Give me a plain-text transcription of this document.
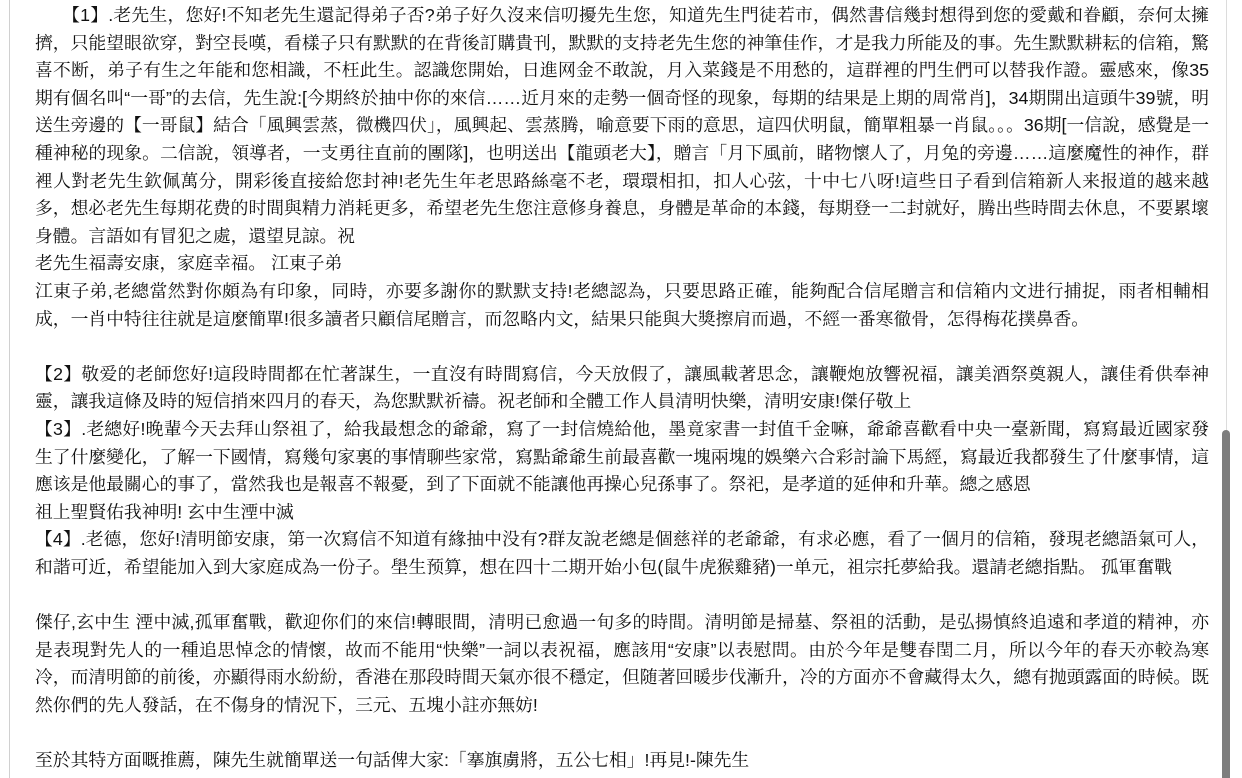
　　【1】.老先生，您好!不知老先生還記得弟子否?弟子好久沒来信叨擾先生您，知道先生門徒若市，偶然書信幾封想得到您的愛戴和眷顧，奈何太擁擠，只能望眼欲穿，對空長嘆，看樣子只有默默的在背後訂購貴刊，默默的支持老先生您的神筆佳作，才是我力所能及的事。先生默默耕耘的信箱，驚喜不断，弟子有生之年能和您相識，不枉此生。認識您開始，日進网金不敢說，月入菜錢是不用愁的，這群裡的門生們可以替我作證。靈感來，像35期有個名叫“一哥”的去信，先生說:[今期終於抽中你的來信……近月來的走勢一個奇怪的现象，每期的结果是上期的周常肖]，34期開出這頭牛39號，明送生旁邊的【一哥鼠】結合「風興雲蒸，微機四伏」，風興起、雲蒸腾，喻意要下雨的意思，這四伏明鼠，簡單粗暴一肖鼠。。。36期[一信說，感覺是一種神秘的现象。二信說，領導者，一支勇往直前的團隊]，也明送出【龍頭老大】，贈言「月下風前，睹物懷人了，月兔的旁邊……這麼魔性的神作，群裡人對老先生欽佩萬分，開彩後直接給您封神!老先生年老思路絲毫不老，環環相扣，扣人心弦，十中七八呀!這些日子看到信箱新人来报道的越来越多，想必老先生每期花费的时間與精力消耗更多，希望老先生您注意修身養息，身體是革命的本錢，每期登一二封就好，腾出些時間去休息，不要累壞身體。言語如有冒犯之處，還望見諒。祝

老先生福壽安康，家庭幸福。 江東子弟

江東子弟,老總當然對你頗為有印象，同時，亦要多謝你的默默支持!老總認為，只要思路正確，能夠配合信尾贈言和信箱内文进行捕捉，雨者相輔相成，一肖中特往往就是這麼簡單!很多讀者只顧信尾贈言，而忽略内文，結果只能與大獎擦肩而過，不經一番寒徹骨，怎得梅花撲鼻香。

【2】敬爱的老師您好!這段時間都在忙著謀生，一直沒有時間寫信，今天放假了，讓風載著思念，讓鞭炮放響祝福，讓美酒祭奠親人，讓佳肴供奉神靈，讓我這條及時的短信捎來四月的春天，為您默默祈禱。祝老師和全體工作人員清明快樂，清明安康!傑仔敬上

【3】.老總好!晚輩今天去拜山祭祖了，給我最想念的爺爺，寫了一封信燒給他，墨竟家書一封值千金嘛，爺爺喜歡看中央一臺新聞，寫寫最近國家發生了什麼變化，了解一下國情，寫幾句家裏的事情聊些家常，寫點爺爺生前最喜歡一塊兩塊的娛樂六合彩討論下馬經，寫最近我都發生了什麼事情，這應该是他最關心的事了，當然我也是報喜不報憂，到了下面就不能讓他再操心兒孫事了。祭祀，是孝道的延伸和升華。總之感恩

祖上聖賢佑我神明! 玄中生湮中滅

【4】.老德，您好!清明節安康，第一次寫信不知道有緣抽中没有?群友說老總是個慈祥的老爺爺，有求必應，看了一個月的信箱，發現老總語氣可人，和諧可近，希望能加入到大家庭成為一份子。壆生预算，想在四十二期开始小包(鼠牛虎猴雞豬)一单元，祖宗托夢給我。還請老總指點。 孤軍奮戰

傑仔,玄中生 湮中滅,孤軍奮戰，歡迎你们的來信!轉眼間，清明已愈過一旬多的時間。清明節是掃墓、祭祖的活動，是弘揚慎終追遠和孝道的精神，亦是表現對先人的一種追思悼念的情懷，故而不能用“快樂”一詞以表祝福，應該用“安康”以表慰問。由於今年是雙春閏二月，所以今年的春天亦較為寒冷，而清明節的前後，亦顯得雨水紛紛，香港在那段時間天氣亦很不穩定，但随著回暖步伐漸升，冷的方面亦不會藏得太久，總有抛頭露面的時候。既然你們的先人發話，在不傷身的情況下，三元、五塊小註亦無妨!

至於其特方面嘅推薦，陳先生就簡單送一句話俾大家:「搴旗虜將，五公七相」!再見!-陳先生
